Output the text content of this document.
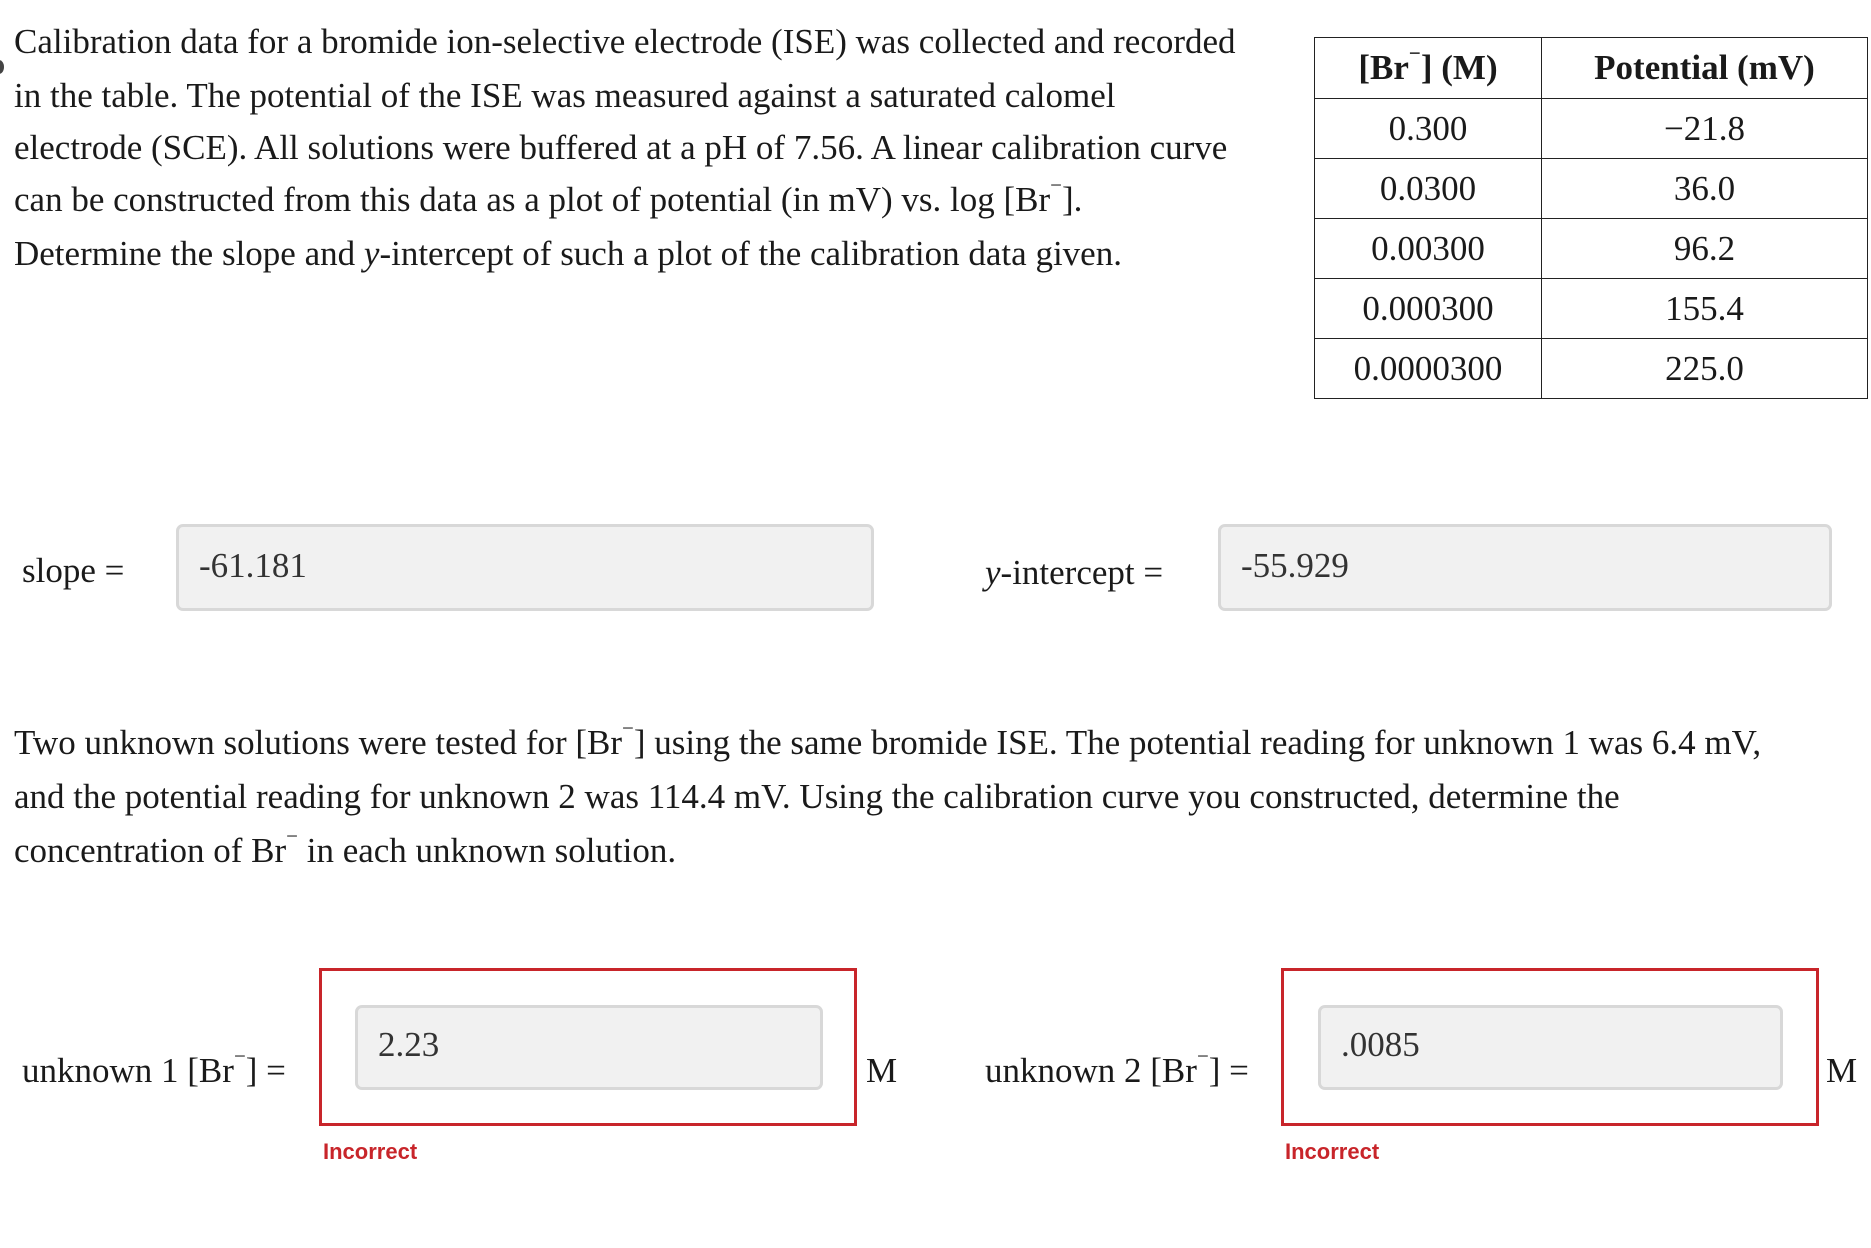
Calibration data for a bromide ion-selective electrode (ISE) was collected and recorded
in the table. The potential of the ISE was measured against a saturated calomel
electrode (SCE). All solutions were buffered at a pH of 7.56. A linear calibration curve
can be constructed from this data as a plot of potential (in mV) vs. log [Br−].
Determine the slope and y-intercept of such a plot of the calibration data given.

[Br−] (M)	Potential (mV)
0.300	−21.8
0.0300	36.0
0.00300	96.2
0.000300	155.4
0.0000300	225.0
slope =	-61.181	y-intercept =	-55.929

Two unknown solutions were tested for [Br−] using the same bromide ISE. The potential reading for unknown 1 was 6.4 mV,
and the potential reading for unknown 2 was 114.4 mV. Using the calibration curve you constructed, determine the
concentration of Br− in each unknown solution.

unknown 1 [Br−] =
2.23
M
Incorrect
unknown 2 [Br−] =
.0085
M
Incorrect
